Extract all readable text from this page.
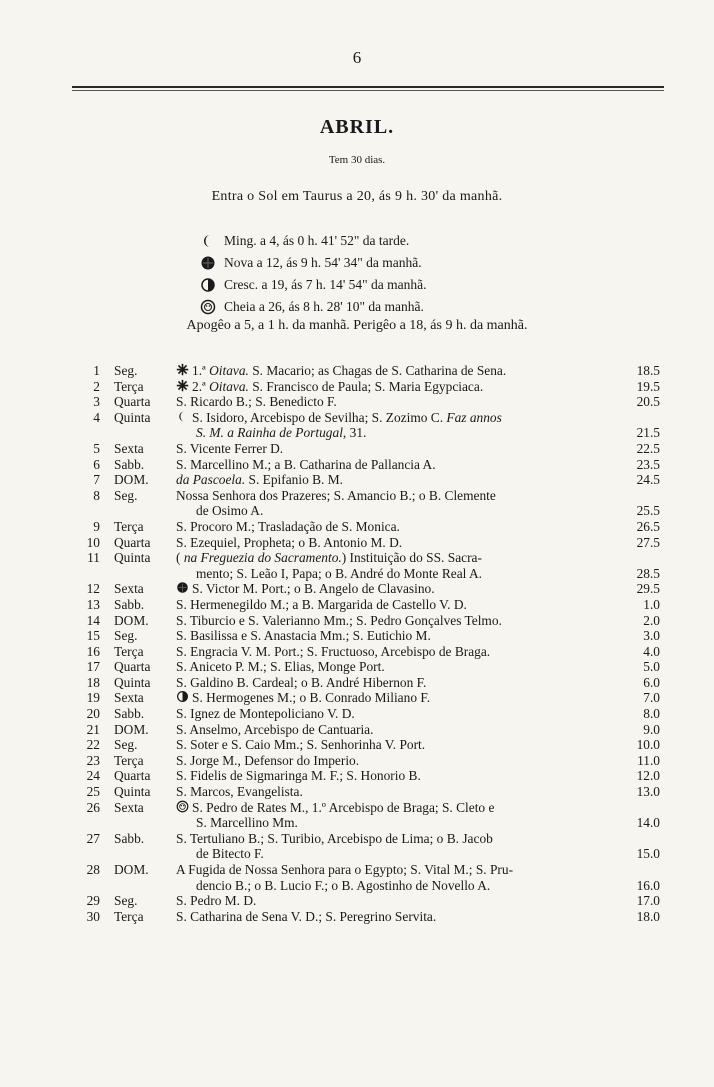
6
ABRIL.
Tem 30 dias.
Entra o Sol em Taurus a 20, ás 9 h. 30' da manhã.
Ming. a 4, ás 0 h. 41' 52" da tarde.
Nova a 12, ás 9 h. 54' 34" da manhã.
Cresc. a 19, ás 7 h. 14' 54" da manhã.
Cheia a 26, ás 8 h. 28' 10" da manhã.
Apogêo a 5, a 1 h. da manhã. Perigêo a 18, ás 9 h. da manhã.
1	Seg.	1.ª Oitava. S. Macario; as Chagas de S. Catharina de Sena.	18.5
2	Terça	2.ª Oitava. S. Francisco de Paula; S. Maria Egypciaca.	19.5
3	Quarta	S. Ricardo B.; S. Benedicto F.	20.5
4	Quinta	S. Isidoro, Arcebispo de Sevilha; S. Zozimo C. Faz annos
S. M. a Rainha de Portugal, 31.	21.5
5	Sexta	S. Vicente Ferrer D.	22.5
6	Sabb.	S. Marcellino M.; a B. Catharina de Pallancia A.	23.5
7	DOM.	da Pascoela. S. Epifanio B. M.	24.5
8	Seg.	Nossa Senhora dos Prazeres; S. Amancio B.; o B. Clemente
de Osimo A.	25.5
9	Terça	S. Procoro M.; Trasladação de S. Monica.	26.5
10	Quarta	S. Ezequiel, Propheta; o B. Antonio M. D.	27.5
11	Quinta	( na Freguezia do Sacramento.) Instituição do SS. Sacra-
mento; S. Leão I, Papa; o B. André do Monte Real A.	28.5
12	Sexta	S. Victor M. Port.; o B. Angelo de Clavasino.	29.5
13	Sabb.	S. Hermenegildo M.; a B. Margarida de Castello V. D.	1.0
14	DOM.	S. Tiburcio e S. Valerianno Mm.; S. Pedro Gonçalves Telmo.	2.0
15	Seg.	S. Basilissa e S. Anastacia Mm.; S. Eutichio M.	3.0
16	Terça	S. Engracia V. M. Port.; S. Fructuoso, Arcebispo de Braga.	4.0
17	Quarta	S. Aniceto P. M.; S. Elias, Monge Port.	5.0
18	Quinta	S. Galdino B. Cardeal; o B. André Hibernon F.	6.0
19	Sexta	S. Hermogenes M.; o B. Conrado Miliano F.	7.0
20	Sabb.	S. Ignez de Montepoliciano V. D.	8.0
21	DOM.	S. Anselmo, Arcebispo de Cantuaria.	9.0
22	Seg.	S. Soter e S. Caio Mm.; S. Senhorinha V. Port.	10.0
23	Terça	S. Jorge M., Defensor do Imperio.	11.0
24	Quarta	S. Fidelis de Sigmaringa M. F.; S. Honorio B.	12.0
25	Quinta	S. Marcos, Evangelista.	13.0
26	Sexta	S. Pedro de Rates M., 1.º Arcebispo de Braga; S. Cleto e
S. Marcellino Mm.	14.0
27	Sabb.	S. Tertuliano B.; S. Turibio, Arcebispo de Lima; o B. Jacob
de Bitecto F.	15.0
28	DOM.	A Fugida de Nossa Senhora para o Egypto; S. Vital M.; S. Pru-
dencio B.; o B. Lucio F.; o B. Agostinho de Novello A.	16.0
29	Seg.	S. Pedro M. D.	17.0
30	Terça	S. Catharina de Sena V. D.; S. Peregrino Servita.	18.0
